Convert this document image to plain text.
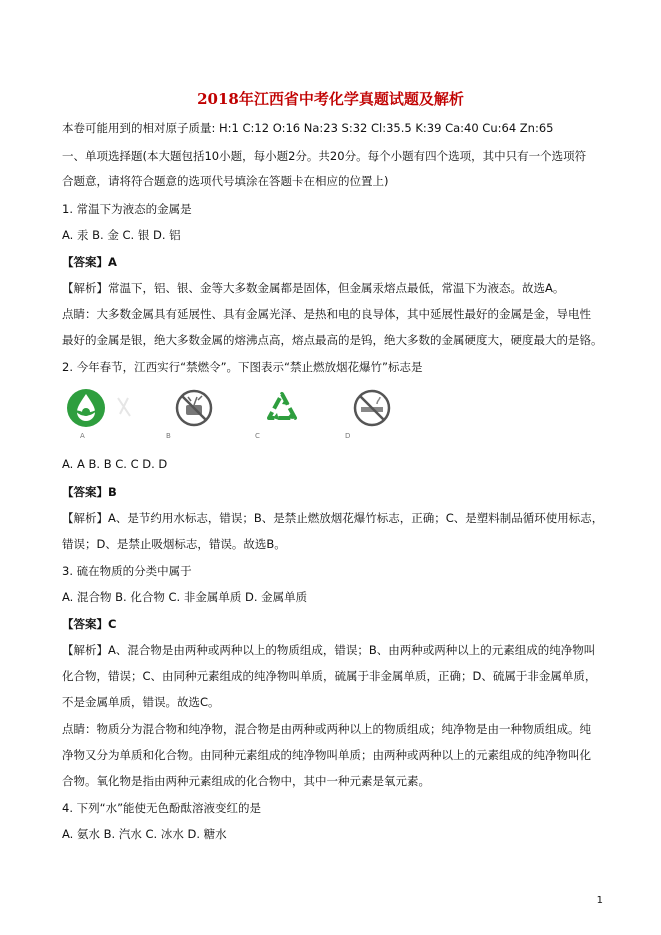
2018年江西省中考化学真题试题及解析
本卷可能用到的相对原子质量: H:1 C:12 O:16 Na:23 S:32 Cl:35.5 K:39 Ca:40 Cu:64 Zn:65
一、单项选择题(本大题包括10小题，每小题2分。共20分。每个小题有四个选项，其中只有一个选项符
合题意，请将符合题意的选项代号填涂在答题卡在相应的位置上)
1. 常温下为液态的金属是
A. 汞 B. 金 C. 银 D. 铝
【答案】A
【解析】常温下，铝、银、金等大多数金属都是固体，但金属汞熔点最低，常温下为液态。故选A。
点睛：大多数金属具有延展性、具有金属光泽、是热和电的良导体，其中延展性最好的金属是金，导电性
最好的金属是银，绝大多数金属的熔沸点高，熔点最高的是钨，绝大多数的金属硬度大，硬度最大的是铬。
2. 今年春节，江西实行“禁燃令”。下图表示“禁止燃放烟花爆竹”标志是
A	B	C	D
A. A B. B C. C D. D
【答案】B
【解析】A、是节约用水标志，错误；B、是禁止燃放烟花爆竹标志，正确；C、是塑料制品循环使用标志，
错误；D、是禁止吸烟标志，错误。故选B。
3. 硫在物质的分类中属于
A. 混合物 B. 化合物 C. 非金属单质 D. 金属单质
【答案】C
【解析】A、混合物是由两种或两种以上的物质组成，错误；B、由两种或两种以上的元素组成的纯净物叫
化合物，错误；C、由同种元素组成的纯净物叫单质，硫属于非金属单质，正确；D、硫属于非金属单质，
不是金属单质，错误。故选C。
点睛：物质分为混合物和纯净物，混合物是由两种或两种以上的物质组成；纯净物是由一种物质组成。纯
净物又分为单质和化合物。由同种元素组成的纯净物叫单质；由两种或两种以上的元素组成的纯净物叫化
合物。氧化物是指由两种元素组成的化合物中，其中一种元素是氧元素。
4. 下列“水”能使无色酚酞溶液变红的是
A. 氨水 B. 汽水 C. 冰水 D. 糖水
1
